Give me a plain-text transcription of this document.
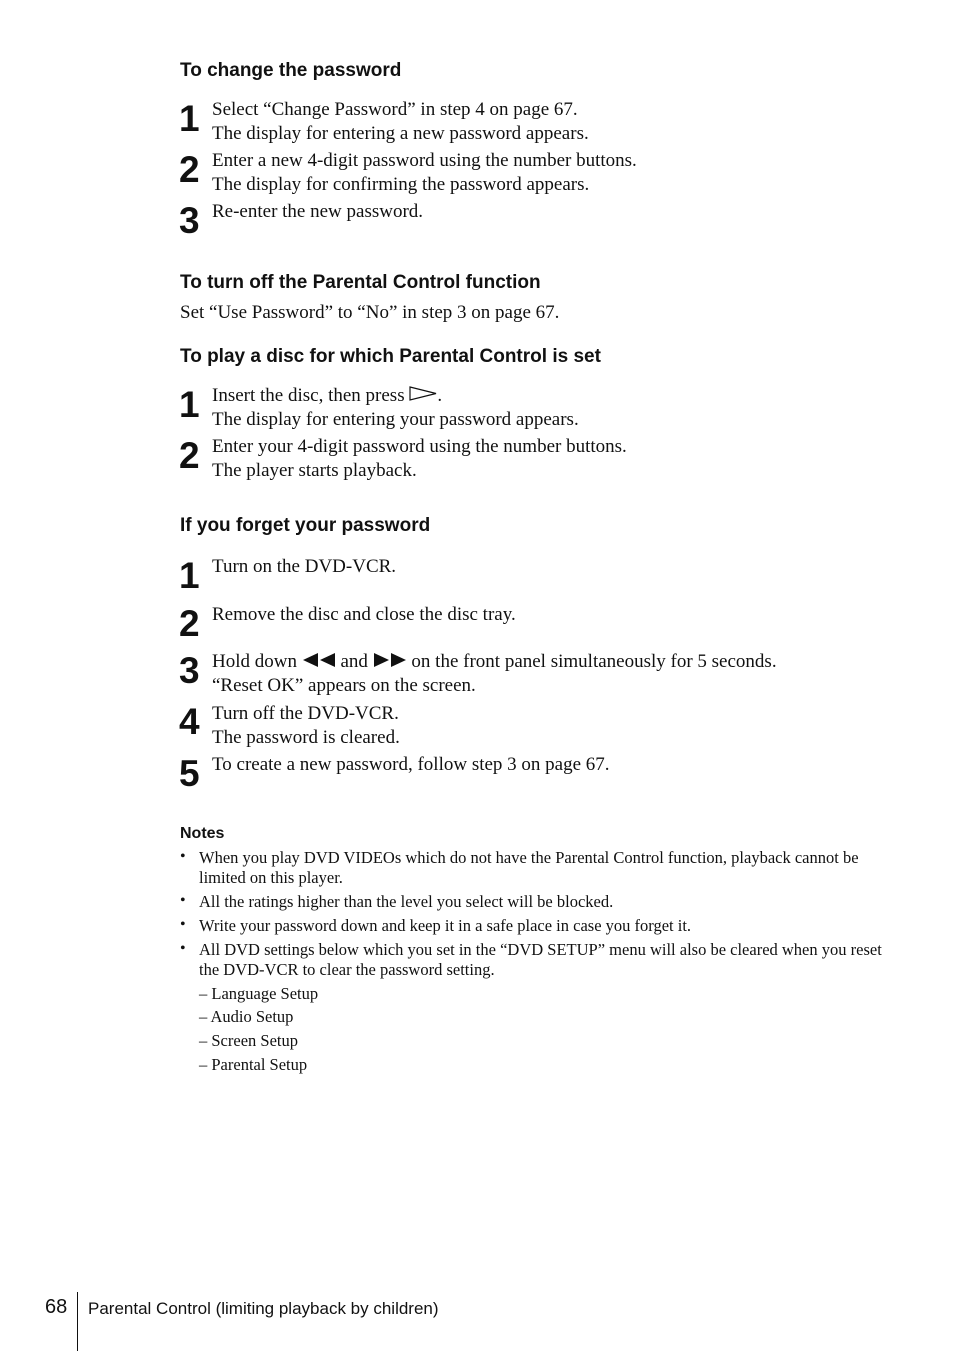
To change the password
1 Select “Change Password” in step 4 on page 67.
The display for entering a new password appears.
2 Enter a new 4-digit password using the number buttons.
The display for confirming the password appears.
3 Re-enter the new password.
To turn off the Parental Control function
Set “Use Password” to “No” in step 3 on page 67.
To play a disc for which Parental Control is set
1 Insert the disc, then press .
The display for entering your password appears.
2 Enter your 4-digit password using the number buttons.
The player starts playback.
If you forget your password
1 Turn on the DVD-VCR.
2 Remove the disc and close the disc tray.
3 Hold down  and  on the front panel simultaneously for 5 seconds.
“Reset OK” appears on the screen.
4 Turn off the DVD-VCR.
The password is cleared.
5 To create a new password, follow step 3 on page 67.
Notes
• When you play DVD VIDEOs which do not have the Parental Control function, playback cannot be limited on this player.
• All the ratings higher than the level you select will be blocked.
• Write your password down and keep it in a safe place in case you forget it.
• All DVD settings below which you set in the “DVD SETUP” menu will also be cleared when you reset the DVD-VCR to clear the password setting.
– Language Setup
– Audio Setup
– Screen Setup
– Parental Setup
68 Parental Control (limiting playback by children)
